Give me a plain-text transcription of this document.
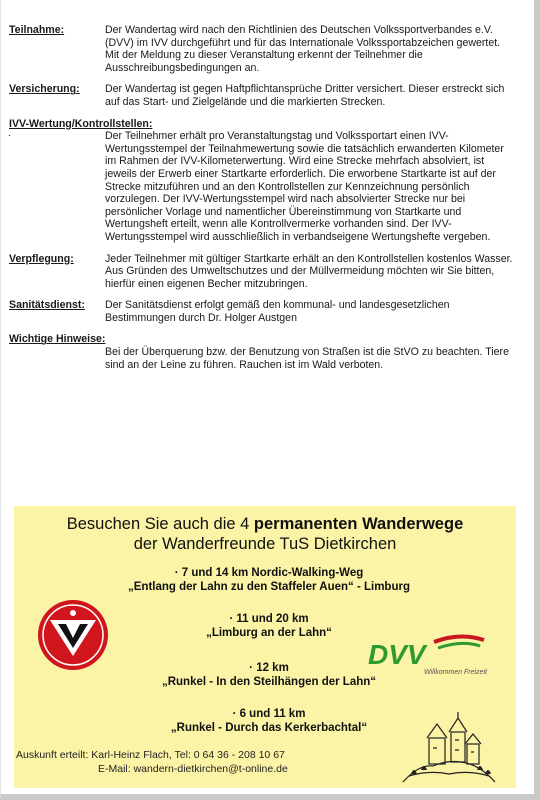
Teilnahme:	Der Wandertag wird nach den Richtlinien des Deutschen Volkssportverbandes e.V. (DVV) im IVV durchgeführt und für das Internationale Volkssportabzeichen gewertet. Mit der Meldung zu dieser Veranstaltung erkennt der Teilnehmer die Ausschreibungsbedingungen an.
Versicherung:	Der Wandertag ist gegen Haftpflichtansprüche Dritter versichert. Dieser erstreckt sich auf das Start- und Zielgelände und die markierten Strecken.
IVV-Wertung/Kontrollstellen:
Der Teilnehmer erhält pro Veranstaltungstag und Volkssportart einen IVV-Wertungsstempel der Teilnahmewertung sowie die tatsächlich erwanderten Kilometer im Rahmen der IVV-Kilometerwertung. Wird eine Strecke mehrfach absolviert, ist jeweils der Erwerb einer Startkarte erforderlich. Die erworbene Startkarte ist auf der Strecke mitzuführen und an den Kontrollstellen zur Kennzeichnung persönlich vorzulegen. Der IVV-Wertungsstempel wird nach absolvierter Strecke nur bei persönlicher Vorlage und namentlicher Übereinstimmung von Startkarte und Wertungsheft erteilt, wenn alle Kontrollvermerke vorhanden sind. Der IVV-Wertungsstempel wird ausschließlich in verbandseigene Wertungshefte vergeben.
Verpflegung:	Jeder Teilnehmer mit gültiger Startkarte erhält an den Kontrollstellen kostenlos Wasser. Aus Gründen des Umweltschutzes und der Müllvermeidung möchten wir Sie bitten, hierfür einen eigenen Becher mitzubringen.
Sanitätsdienst:	Der Sanitätsdienst erfolgt gemäß den kommunal- und landesgesetzlichen Bestimmungen durch Dr. Holger Austgen
Wichtige Hinweise:
Bei der Überquerung bzw. der Benutzung von Straßen ist die StVO zu beachten. Tiere sind an der Leine zu führen. Rauchen ist im Wald verboten.
.
Besuchen Sie auch die 4 permanenten Wanderwege
der Wanderfreunde TuS Dietkirchen
· 7 und 14 km Nordic-Walking-Weg
„Entlang der Lahn zu den Staffeler Auen“ - Limburg
· 11 und 20 km
„Limburg an der Lahn“
· 12 km
„Runkel - In den Steilhängen der Lahn“
· 6 und 11 km
„Runkel - Durch das Kerkerbachtal“
DVV
Willkommen Freizeit
Auskunft erteilt: Karl-Heinz Flach, Tel: 0 64 36 - 208 10 67
E-Mail: wandern-dietkirchen@t-online.de
